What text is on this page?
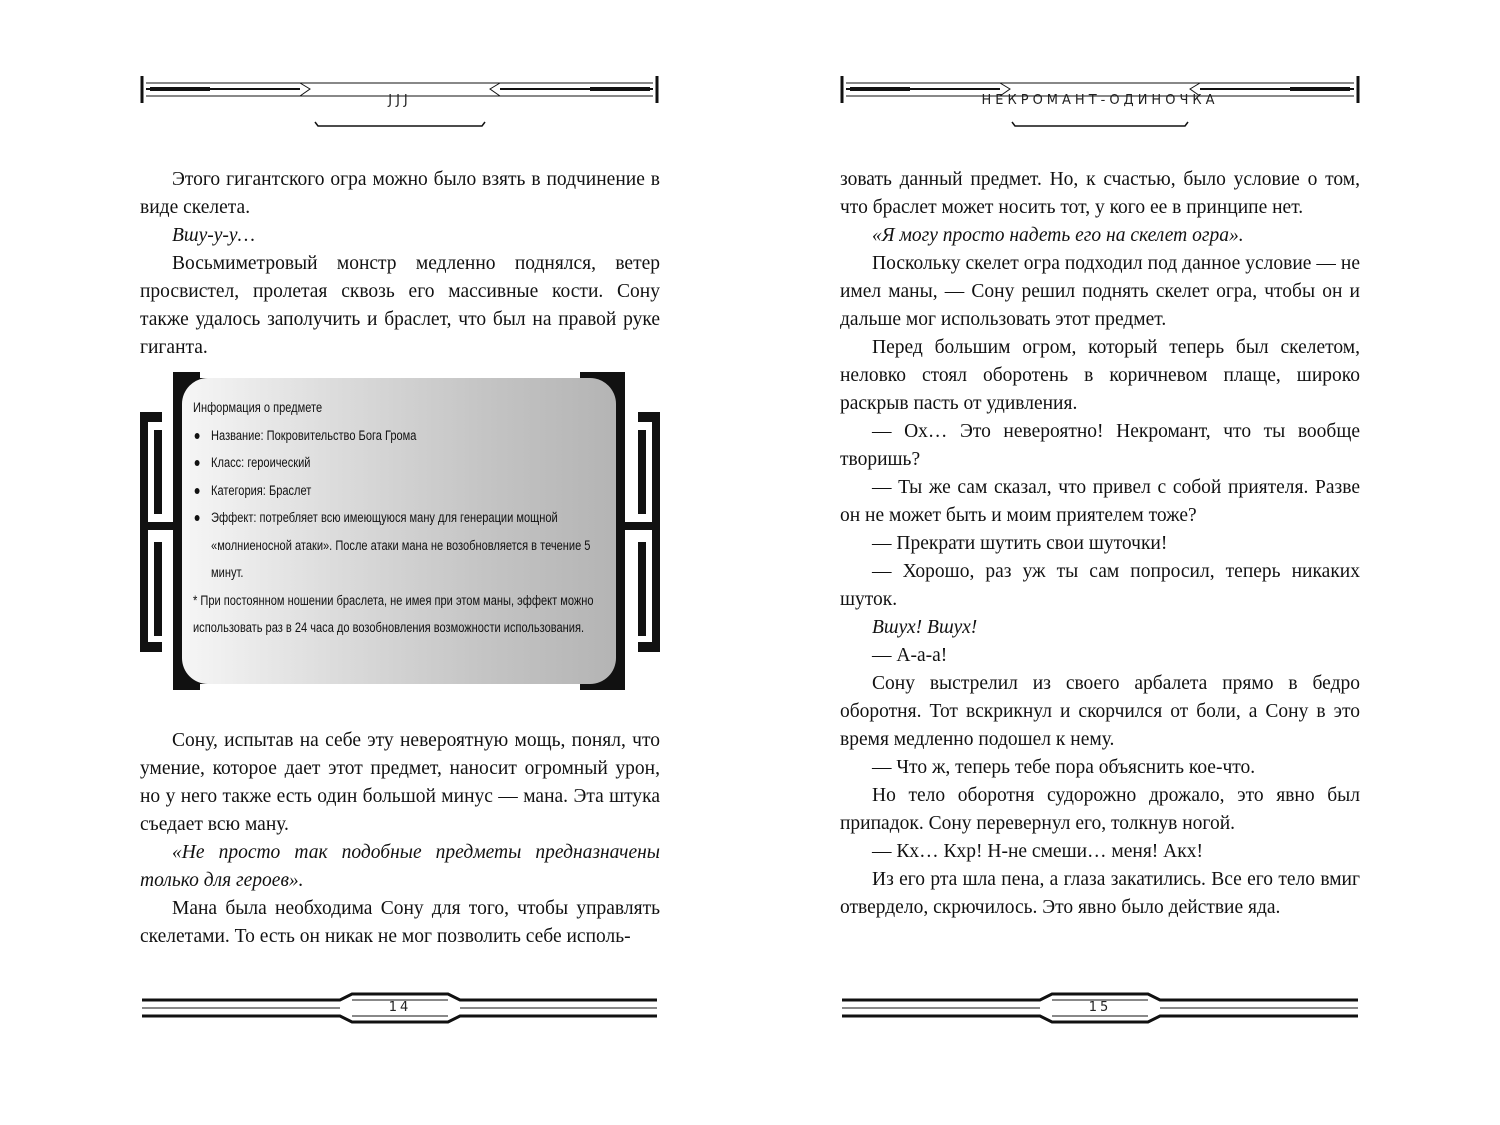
JJJ

Этого гигантского огра можно было взять в подчинение в виде скелета.

Вшу-у-у…

Восьмиметровый монстр медленно поднялся, ветер просвистел, пролетая сквозь его массивные кости. Сону также удалось заполучить и браслет, что был на правой руке гиганта.

Информация о предмете
Название: Покровительство Бога Грома
Класс: героический
Категория: Браслет
Эффект: потребляет всю имеющуюся ману для генерации мощной «молниеносной атаки». После атаки мана не возобновляется в течение 5 минут.
* При постоянном ношении браслета, не имея при этом маны, эффект можно использовать раз в 24 часа до возобновления возможности использования.

Сону, испытав на себе эту невероятную мощь, понял, что умение, которое дает этот предмет, наносит огромный урон, но у него также есть один большой минус — мана. Эта штука съедает всю ману.

«Не просто так подобные предметы предназначены только для героев».

Мана была необходима Сону для того, чтобы управлять скелетами. То есть он никак не мог позволить себе исполь-

14
НЕКРОМАНТ-ОДИНОЧКА

зовать данный предмет. Но, к счастью, было условие о том, что браслет может носить тот, у кого ее в принципе нет.

«Я могу просто надеть его на скелет огра».

Поскольку скелет огра подходил под данное условие — не имел маны, — Сону решил поднять скелет огра, чтобы он и дальше мог использовать этот предмет.

Перед большим огром, который теперь был скелетом, неловко стоял оборотень в коричневом плаще, широко раскрыв пасть от удивления.

— Ох… Это невероятно! Некромант, что ты вообще творишь?

— Ты же сам сказал, что привел с собой приятеля. Разве он не может быть и моим приятелем тоже?

— Прекрати шутить свои шуточки!

— Хорошо, раз уж ты сам попросил, теперь никаких шуток.

Вшух! Вшух!

— А-а-а!

Сону выстрелил из своего арбалета прямо в бедро оборотня. Тот вскрикнул и скорчился от боли, а Сону в это время медленно подошел к нему.

— Что ж, теперь тебе пора объяснить кое-что.

Но тело оборотня судорожно дрожало, это явно был припадок. Сону перевернул его, толкнув ногой.

— Кх… Кхр! Н-не смеши… меня! Акх!

Из его рта шла пена, а глаза закатились. Все его тело вмиг отвердело, скрючилось. Это явно было действие яда.

15
